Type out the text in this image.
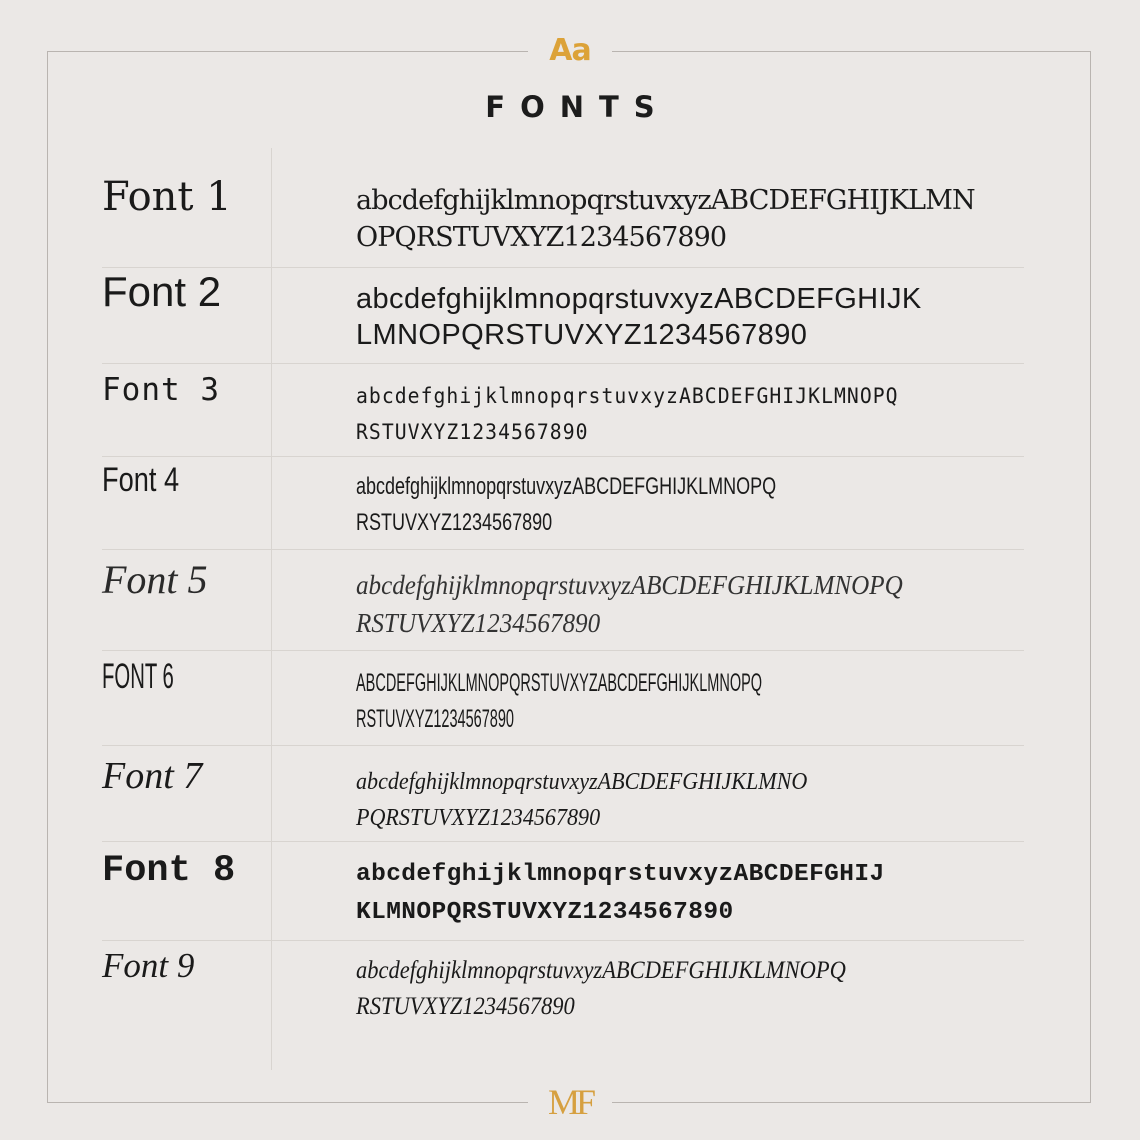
Aa
FONTS
Font 1	abcdefghijklmnopqrstuvxyzABCDEFGHIJKLMN
OPQRSTUVXYZ1234567890
Font 2	abcdefghijklmnopqrstuvxyzABCDEFGHIJK
LMNOPQRSTUVXYZ1234567890
Font 3	abcdefghijklmnopqrstuvxyzABCDEFGHIJKLMNOPQ
RSTUVXYZ1234567890
Font 4	abcdefghijklmnopqrstuvxyzABCDEFGHIJKLMNOPQ
RSTUVXYZ1234567890
Font 5	abcdefghijklmnopqrstuvxyzABCDEFGHIJKLMNOPQ
RSTUVXYZ1234567890
FONT 6	ABCDEFGHIJKLMNOPQRSTUVXYZABCDEFGHIJKLMNOPQ
RSTUVXYZ1234567890
Font 7	abcdefghijklmnopqrstuvxyzABCDEFGHIJKLMNO
PQRSTUVXYZ1234567890
Font 8	abcdefghijklmnopqrstuvxyzABCDEFGHIJ
KLMNOPQRSTUVXYZ1234567890
Font 9	abcdefghijklmnopqrstuvxyzABCDEFGHIJKLMNOPQ
RSTUVXYZ1234567890
MF
